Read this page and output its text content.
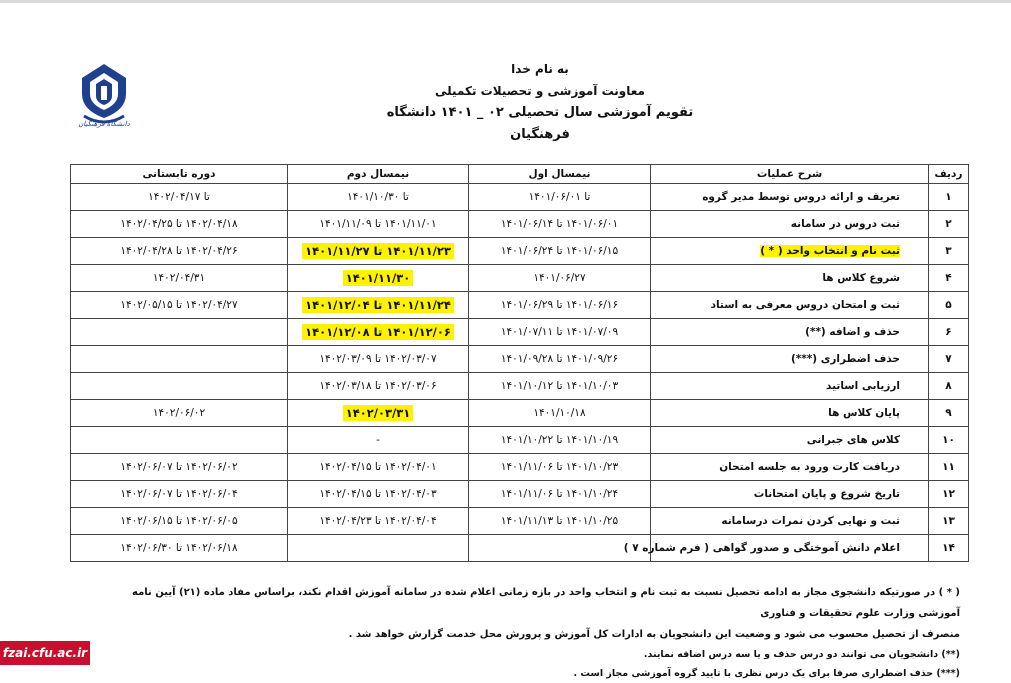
دانشگاه فرهنگیان
به نام خدا
معاونت آموزشی و تحصیلات تکمیلی
تقویم آموزشی سال تحصیلی ۰۲ _ ۱۴۰۱ دانشگاه فرهنگیان
ردیف	شرح عملیات	نیمسال اول	نیمسال دوم	دوره تابستانی
۱	تعریف و ارائه دروس توسط مدیر گروه	تا ۱۴۰۱/۰۶/۰۱	تا ۱۴۰۱/۱۰/۳۰	تا ۱۴۰۲/۰۴/۱۷
۲	ثبت دروس در سامانه	۱۴۰۱/۰۶/۰۱ تا ۱۴۰۱/۰۶/۱۴	۱۴۰۱/۱۱/۰۱ تا ۱۴۰۱/۱۱/۰۹	۱۴۰۲/۰۴/۱۸ تا ۱۴۰۲/۰۴/۲۵
۳	ثبت نام و انتخاب واحد ( * )	۱۴۰۱/۰۶/۱۵ تا ۱۴۰۱/۰۶/۲۴	۱۴۰۱/۱۱/۲۳ تا ۱۴۰۱/۱۱/۲۷	۱۴۰۲/۰۴/۲۶ تا ۱۴۰۲/۰۴/۲۸
۴	شروع کلاس ها	۱۴۰۱/۰۶/۲۷	۱۴۰۱/۱۱/۳۰	۱۴۰۲/۰۴/۳۱
۵	ثبت و امتحان دروس معرفی به استاد	۱۴۰۱/۰۶/۱۶ تا ۱۴۰۱/۰۶/۲۹	۱۴۰۱/۱۱/۲۴ تا ۱۴۰۱/۱۲/۰۴	۱۴۰۲/۰۴/۲۷ تا ۱۴۰۲/۰۵/۱۵
۶	حذف و اضافه (**)	۱۴۰۱/۰۷/۰۹ تا ۱۴۰۱/۰۷/۱۱	۱۴۰۱/۱۲/۰۶ تا ۱۴۰۱/۱۲/۰۸	
۷	حذف اضطراری (***)	۱۴۰۱/۰۹/۲۶ تا ۱۴۰۱/۰۹/۲۸	۱۴۰۲/۰۳/۰۷ تا ۱۴۰۲/۰۳/۰۹	
۸	ارزیابی اساتید	۱۴۰۱/۱۰/۰۳ تا ۱۴۰۱/۱۰/۱۲	۱۴۰۲/۰۳/۰۶ تا ۱۴۰۲/۰۳/۱۸	
۹	پایان کلاس ها	۱۴۰۱/۱۰/۱۸	۱۴۰۲/۰۳/۳۱	۱۴۰۲/۰۶/۰۲
۱۰	کلاس های جبرانی	۱۴۰۱/۱۰/۱۹ تا ۱۴۰۱/۱۰/۲۲	-	
۱۱	دریافت کارت ورود به جلسه امتحان	۱۴۰۱/۱۰/۲۳ تا ۱۴۰۱/۱۱/۰۶	۱۴۰۲/۰۴/۰۱ تا ۱۴۰۲/۰۴/۱۵	۱۴۰۲/۰۶/۰۲ تا ۱۴۰۲/۰۶/۰۷
۱۲	تاریخ شروع و پایان امتحانات	۱۴۰۱/۱۰/۲۴ تا ۱۴۰۱/۱۱/۰۶	۱۴۰۲/۰۴/۰۳ تا ۱۴۰۲/۰۴/۱۵	۱۴۰۲/۰۶/۰۴ تا ۱۴۰۲/۰۶/۰۷
۱۳	ثبت و نهایی کردن نمرات درسامانه	۱۴۰۱/۱۰/۲۵ تا ۱۴۰۱/۱۱/۱۳	۱۴۰۲/۰۴/۰۴ تا ۱۴۰۲/۰۴/۲۳	۱۴۰۲/۰۶/۰۵ تا ۱۴۰۲/۰۶/۱۵
۱۴	اعلام دانش آموختگی و صدور گواهی ( فرم شماره ۷ )			۱۴۰۲/۰۶/۱۸ تا ۱۴۰۲/۰۶/۳۰

( * ) در صورتیکه دانشجوی مجاز به ادامه تحصیل نسبت به ثبت نام و انتخاب واحد در بازه زمانی اعلام شده در سامانه آموزش اقدام نکند، براساس مفاد ماده (۲۱) آیین نامه آموزشی وزارت علوم تحقیقات و فناوری

منصرف از تحصیل محسوب می شود و وضعیت این دانشجویان به ادارات کل آموزش و پرورش محل خدمت گزارش خواهد شد .

(**) دانشجویان می توانند دو درس حذف و یا سه درس اضافه نمایند.

(***) حذف اضطراری صرفا برای یک درس نظری با تایید گروه آموزشی مجاز است .

fzai.cfu.ac.ir
